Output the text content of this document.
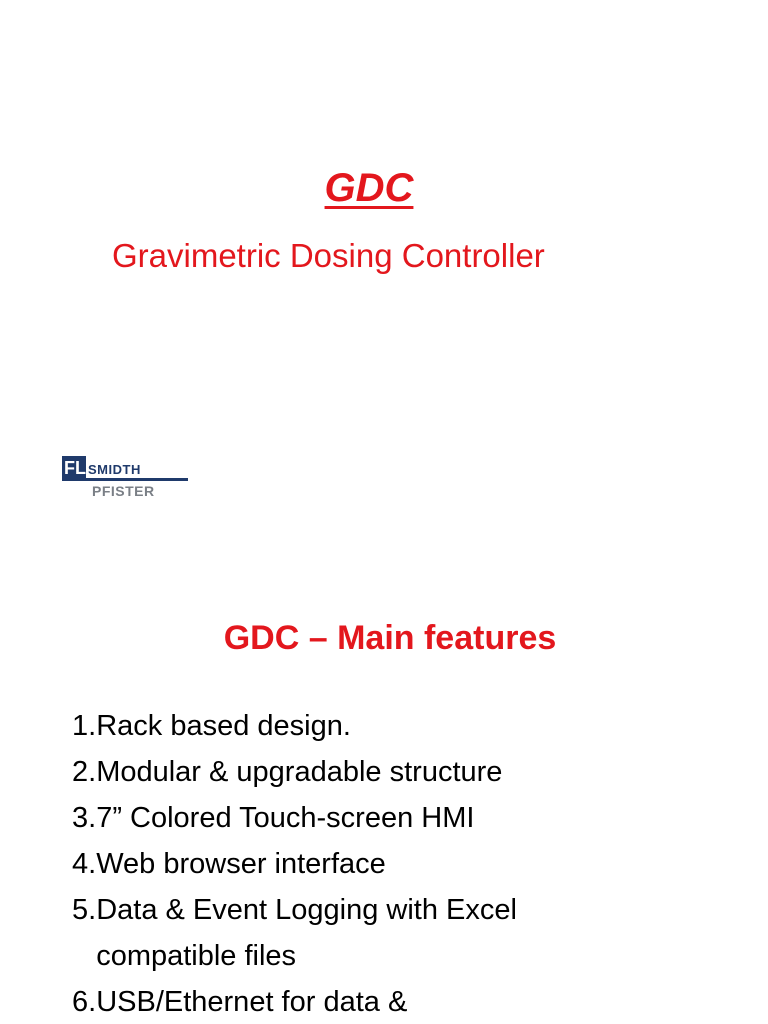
GDC
Gravimetric Dosing Controller
FL SMIDTH
PFISTER
GDC – Main features
1. Rack based design.
2. Modular & upgradable structure
3. 7” Colored Touch-screen HMI
4. Web browser interface
5. Data & Event Logging with Excel compatible files
6. USB/Ethernet for data &
